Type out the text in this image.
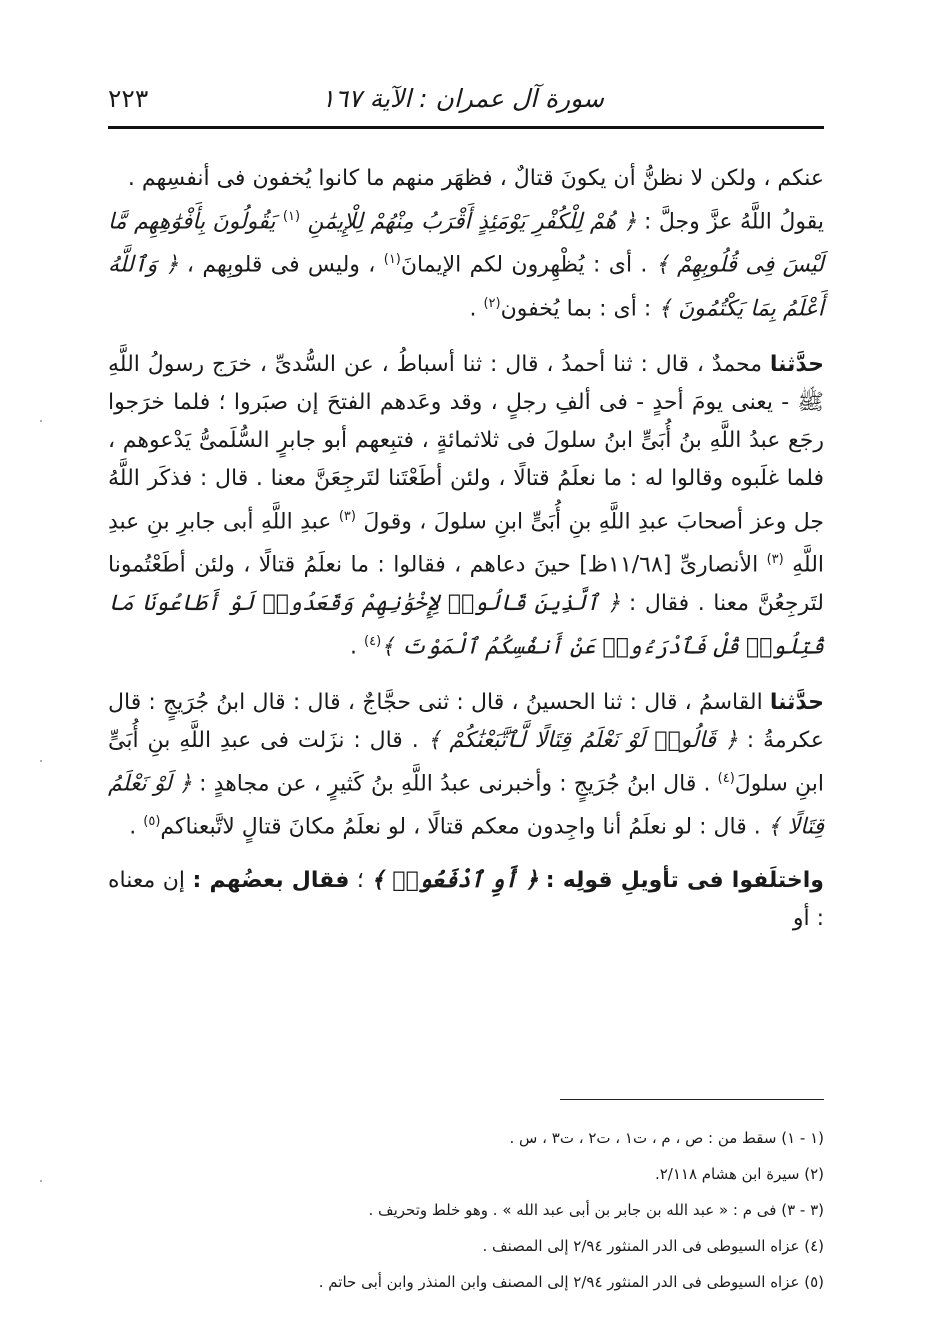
سورة آل عمران : الآية ١٦٧
٢٢٣

عنكم ، ولكن لا نظنُّ أن يكونَ قتالٌ ، فظهَر منهم ما كانوا يُخفون فى أنفسِهم .

يقولُ اللَّهُ عزَّ وجلَّ : ﴿ هُمْ لِلْكُفْرِ يَوْمَئِذٍ أَقْرَبُ مِنْهُمْ لِلْإِيمَٰنِ $^{(١)}$ يَقُولُونَ بِأَفْوَٰهِهِم مَّا لَيْسَ فِى قُلُوبِهِمْ ﴾ . أى : يُظْهِرون لكم الإيمانَ$^{(١)}$ ، وليس فى قلوبِهم ، ﴿ وَٱللَّهُ أَعْلَمُ بِمَا يَكْتُمُونَ ﴾ : أى : بما يُخفون$^{(٢)}$ .

حدَّثنا محمدٌ ، قال : ثنا أحمدُ ، قال : ثنا أسباطُ ، عن السُّدىِّ ، خرَج رسولُ اللَّهِ ﷺ - يعنى يومَ أحدٍ - فى ألفِ رجلٍ ، وقد وعَدهم الفتحَ إن صبَروا ؛ فلما خرَجوا رجَع عبدُ اللَّهِ بنُ أُبَىٍّ ابنُ سلولَ فى ثلاثمائةٍ ، فتبِعهم أبو جابرٍ السُّلَمىُّ يَدْعوهم ، فلما غلَبوه وقالوا له : ما نعلَمُ قتالًا ، ولئن أطَعْتَنا لتَرجِعَنَّ معنا . قال : فذكَر اللَّهُ جل وعز أصحابَ عبدِ اللَّهِ بنِ أُبَىٍّ ابنِ سلولَ ، وقولَ $^{(٣)}$ عبدِ اللَّهِ أبى جابرِ بنِ عبدِ اللَّهِ $^{(٣)}$ الأنصارىِّ [١١/٦٨ظ] حينَ دعاهم ، فقالوا : ما نعلَمُ قتالًا ، ولئن أطَعْتُمونا لتَرجِعُنَّ معنا . فقال : ﴿ ٱلَّذِينَ قَالُوا۟ لِإِخْوَٰنِهِمْ وَقَعَدُوا۟ لَوْ أَطَاعُونَا مَا قُتِلُوا۟ قُلْ فَٱدْرَءُوا۟ عَنْ أَنفُسِكُمُ ٱلْمَوْتَ ﴾$^{(٤)}$ .

حدَّثنا القاسمُ ، قال : ثنا الحسينُ ، قال : ثنى حجَّاجٌ ، قال : قال ابنُ جُرَيجٍ : قال عكرمةُ : ﴿ قَالُوا۟ لَوْ نَعْلَمُ قِتَالًا لَّٱتَّبَعْنَٰكُمْ ﴾ . قال : نزَلت فى عبدِ اللَّهِ بنِ أُبَىٍّ ابنِ سلولَ$^{(٤)}$ . قال ابنُ جُرَيجٍ : وأخبرنى عبدُ اللَّهِ بنُ كَثيرٍ ، عن مجاهدٍ : ﴿ لَوْ نَعْلَمُ قِتَالًا ﴾ . قال : لو نعلَمُ أنا واجِدون معكم قتالًا ، لو نعلَمُ مكانَ قتالٍ لاتَّبعناكم$^{(٥)}$ .

واختلَفوا فى تأويلِ قولِه : ﴿ أَوِ ٱدْفَعُوا۟ ﴾ ؛ فقال بعضُهم : إن معناه : أو

(١ - ١) سقط من : ص ، م ، ت١ ، ت٢ ، ت٣ ، س .

(٢) سيرة ابن هشام ٢/١١٨.

(٣ - ٣) فى م : « عبد الله بن جابر بن أبى عبد الله » . وهو خلط وتحريف .

(٤) عزاه السيوطى فى الدر المنثور ٢/٩٤ إلى المصنف .

(٥) عزاه السيوطى فى الدر المنثور ٢/٩٤ إلى المصنف وابن المنذر وابن أبى حاتم .
